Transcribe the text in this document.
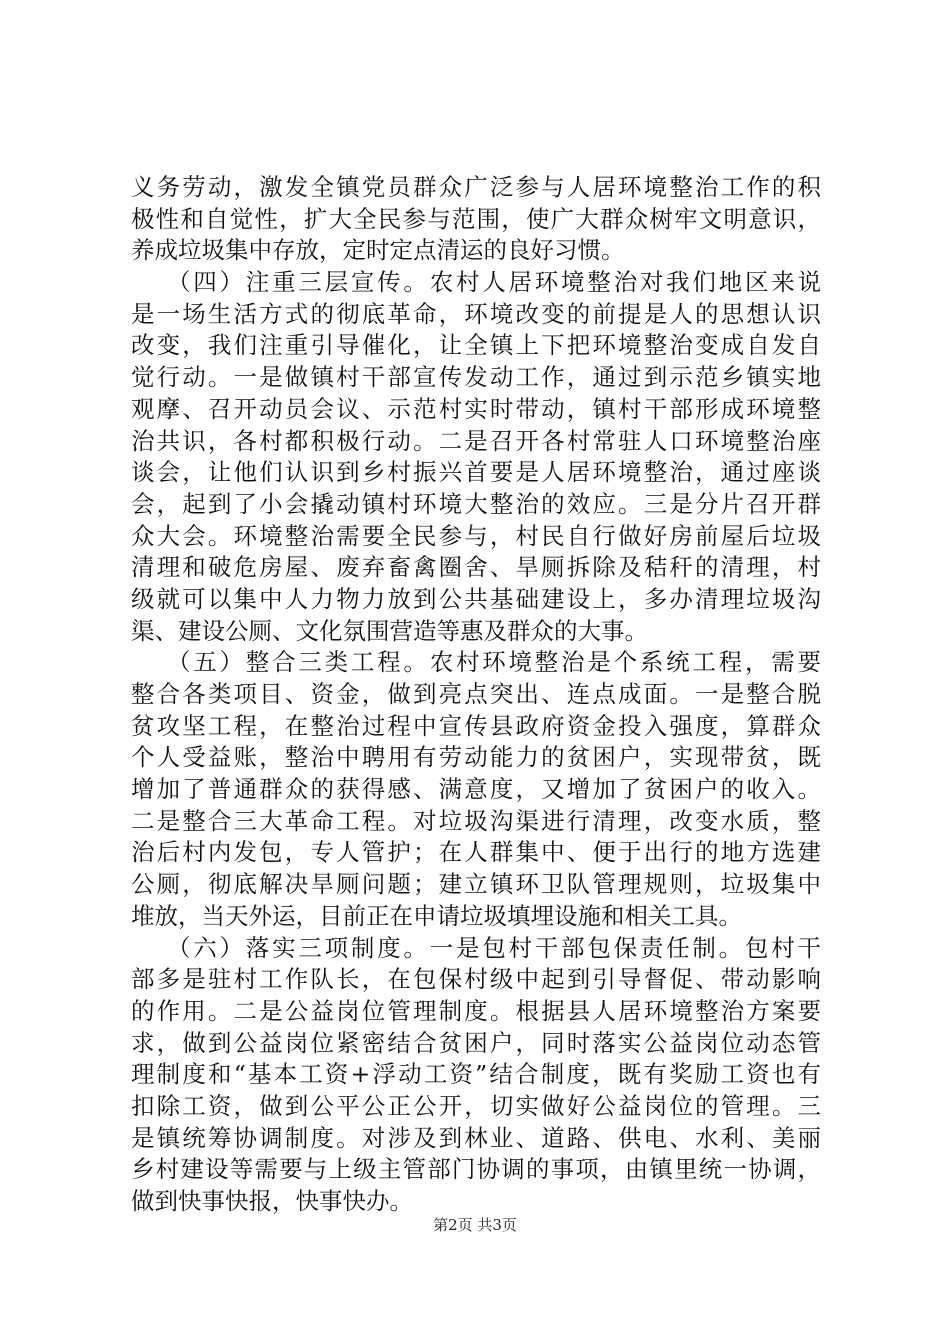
义务劳动，激发全镇党员群众广泛参与人居环境整治工作的积
极性和自觉性，扩大全民参与范围，使广大群众树牢文明意识，
养成垃圾集中存放，定时定点清运的良好习惯。
（四）注重三层宣传。农村人居环境整治对我们地区来说
是一场生活方式的彻底革命，环境改变的前提是人的思想认识
改变，我们注重引导催化，让全镇上下把环境整治变成自发自
觉行动。一是做镇村干部宣传发动工作，通过到示范乡镇实地
观摩、召开动员会议、示范村实时带动，镇村干部形成环境整
治共识，各村都积极行动。二是召开各村常驻人口环境整治座
谈会，让他们认识到乡村振兴首要是人居环境整治，通过座谈
会，起到了小会撬动镇村环境大整治的效应。三是分片召开群
众大会。环境整治需要全民参与，村民自行做好房前屋后垃圾
清理和破危房屋、废弃畜禽圈舍、旱厕拆除及秸秆的清理，村
级就可以集中人力物力放到公共基础建设上，多办清理垃圾沟
渠、建设公厕、文化氛围营造等惠及群众的大事。
（五）整合三类工程。农村环境整治是个系统工程，需要
整合各类项目、资金，做到亮点突出、连点成面。一是整合脱
贫攻坚工程，在整治过程中宣传县政府资金投入强度，算群众
个人受益账，整治中聘用有劳动能力的贫困户，实现带贫，既
增加了普通群众的获得感、满意度，又增加了贫困户的收入。
二是整合三大革命工程。对垃圾沟渠进行清理，改变水质，整
治后村内发包，专人管护；在人群集中、便于出行的地方选建
公厕，彻底解决旱厕问题；建立镇环卫队管理规则，垃圾集中
堆放，当天外运，目前正在申请垃圾填埋设施和相关工具。
（六）落实三项制度。一是包村干部包保责任制。包村干
部多是驻村工作队长，在包保村级中起到引导督促、带动影响
的作用。二是公益岗位管理制度。根据县人居环境整治方案要
求，做到公益岗位紧密结合贫困户，同时落实公益岗位动态管
理制度和“基本工资+浮动工资”结合制度，既有奖励工资也有
扣除工资，做到公平公正公开，切实做好公益岗位的管理。三
是镇统筹协调制度。对涉及到林业、道路、供电、水利、美丽
乡村建设等需要与上级主管部门协调的事项，由镇里统一协调，
做到快事快报，快事快办。
第2页 共3页
